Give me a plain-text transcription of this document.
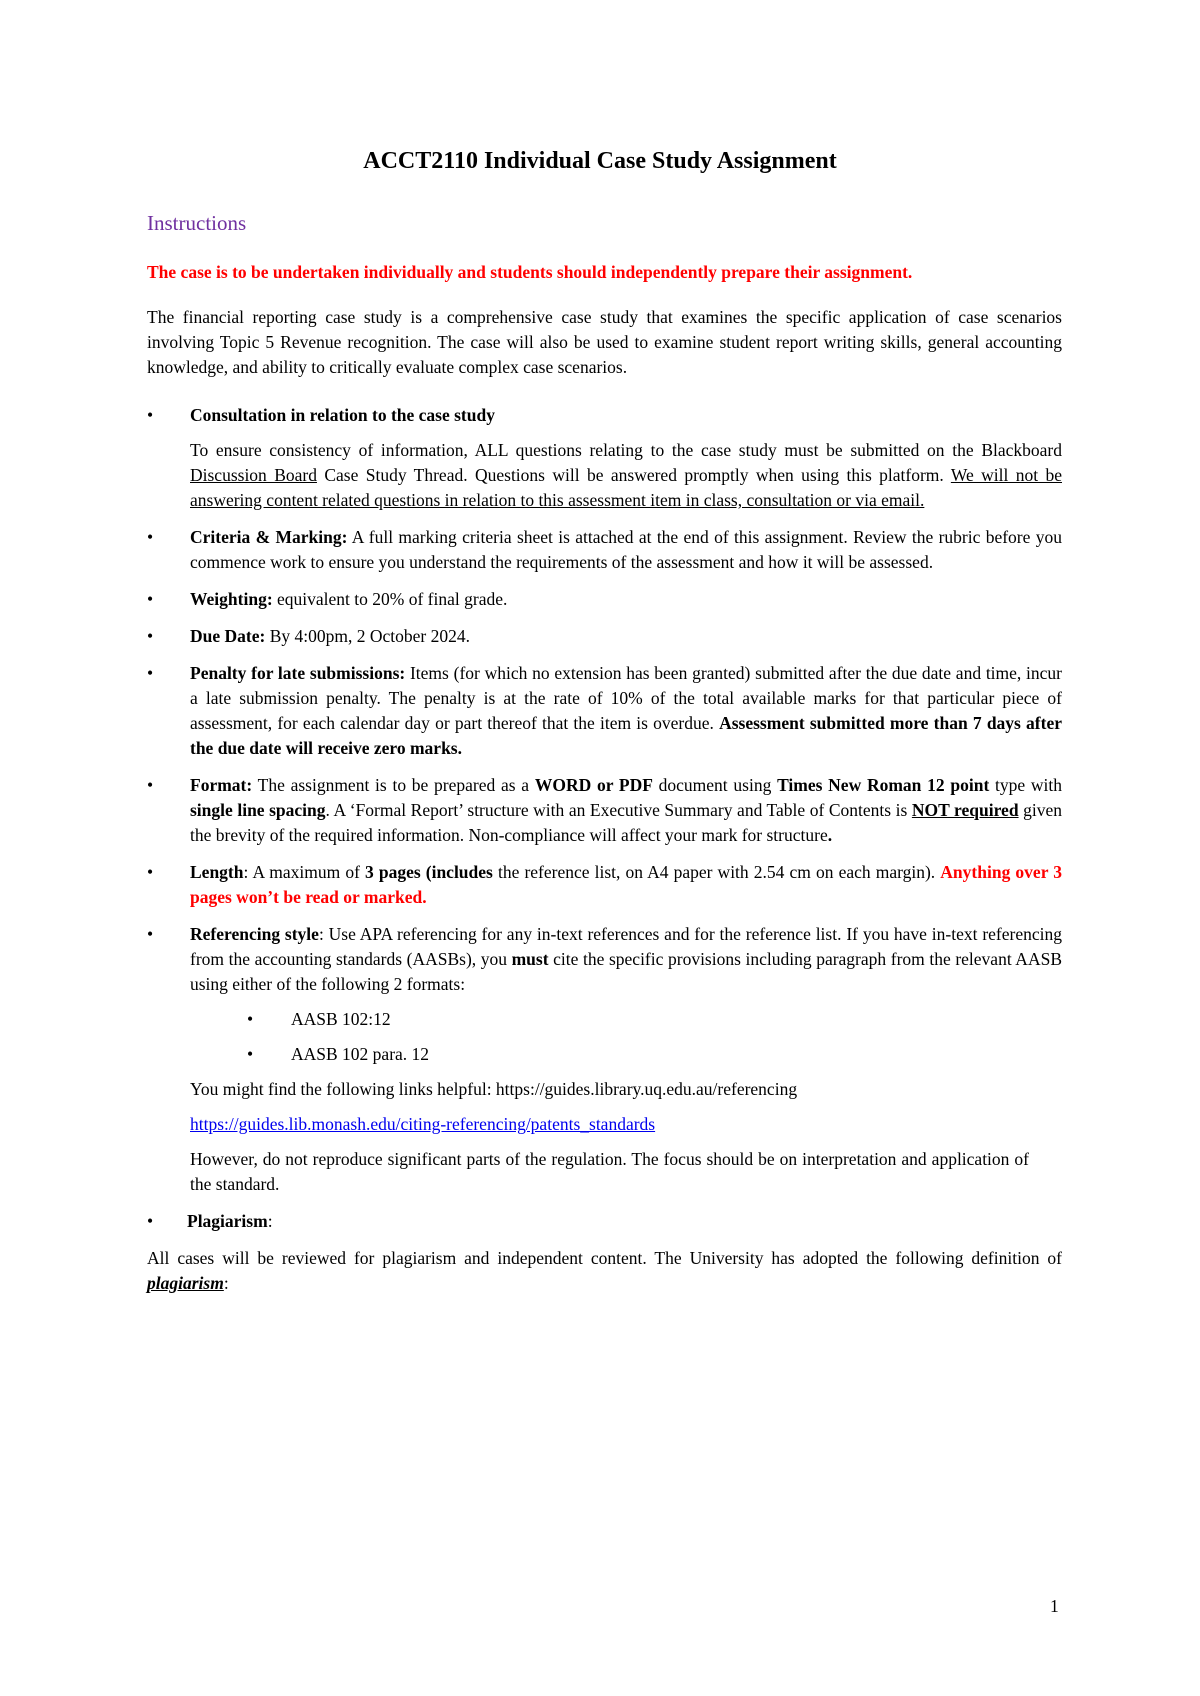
ACCT2110 Individual Case Study Assignment
Instructions

The case is to be undertaken individually and students should independently prepare their assignment.

The financial reporting case study is a comprehensive case study that examines the specific application of case scenarios involving Topic 5 Revenue recognition. The case will also be used to examine student report writing skills, general accounting knowledge, and ability to critically evaluate complex case scenarios.

• Consultation in relation to the case study
To ensure consistency of information, ALL questions relating to the case study must be submitted on the Blackboard Discussion Board Case Study Thread. Questions will be answered promptly when using this platform. We will not be answering content related questions in relation to this assessment item in class, consultation or via email.
• Criteria & Marking: A full marking criteria sheet is attached at the end of this assignment. Review the rubric before you commence work to ensure you understand the requirements of the assessment and how it will be assessed.
• Weighting: equivalent to 20% of final grade.
• Due Date: By 4:00pm, 2 October 2024.
• Penalty for late submissions: Items (for which no extension has been granted) submitted after the due date and time, incur a late submission penalty. The penalty is at the rate of 10% of the total available marks for that particular piece of assessment, for each calendar day or part thereof that the item is overdue. Assessment submitted more than 7 days after the due date will receive zero marks.
• Format: The assignment is to be prepared as a WORD or PDF document using Times New Roman 12 point type with single line spacing. A ‘Formal Report’ structure with an Executive Summary and Table of Contents is NOT required given the brevity of the required information. Non-compliance will affect your mark for structure.
• Length: A maximum of 3 pages (includes the reference list, on A4 paper with 2.54 cm on each margin). Anything over 3 pages won’t be read or marked.
• Referencing style: Use APA referencing for any in-text references and for the reference list. If you have in-text referencing from the accounting standards (AASBs), you must cite the specific provisions including paragraph from the relevant AASB using either of the following 2 formats:
• AASB 102:12
• AASB 102 para. 12
You might find the following links helpful: https://guides.library.uq.edu.au/referencing
https://guides.lib.monash.edu/citing-referencing/patents_standards
However, do not reproduce significant parts of the regulation. The focus should be on interpretation and application of the standard.
• Plagiarism:

All cases will be reviewed for plagiarism and independent content. The University has adopted the following definition of plagiarism:

1
